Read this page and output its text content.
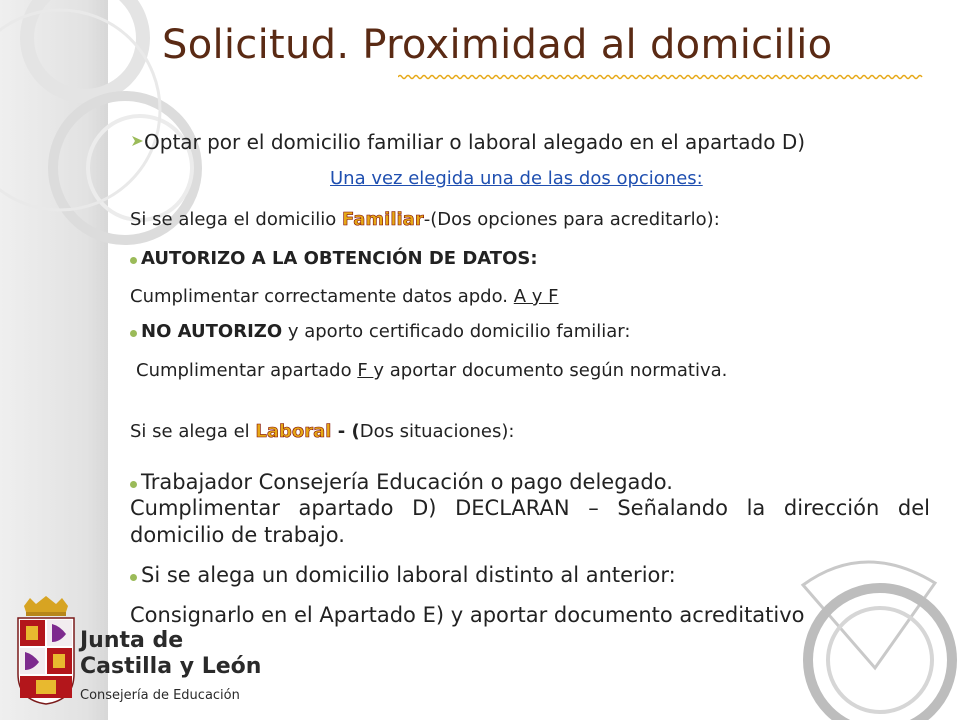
Solicitud. Proximidad al domicilio
Optar por el domicilio familiar o laboral alegado en el apartado D)
Una vez elegida una de las dos opciones:
Si se alega el domicilio Familiar-(Dos opciones para acreditarlo):
AUTORIZO A LA OBTENCIÓN DE DATOS:
Cumplimentar correctamente datos apdo. A y F
NO AUTORIZO y aporto certificado domicilio familiar:
Cumplimentar apartado F y aportar documento según normativa.
Si se alega el Laboral - (Dos situaciones):
Trabajador Consejería Educación o pago delegado.
Cumplimentar apartado D) DECLARAN – Señalando la dirección del domicilio de trabajo.
Si se alega un domicilio laboral distinto al anterior:
Consignarlo en el Apartado E) y aportar documento acreditativo
Junta de
Castilla y León
Consejería de Educación
